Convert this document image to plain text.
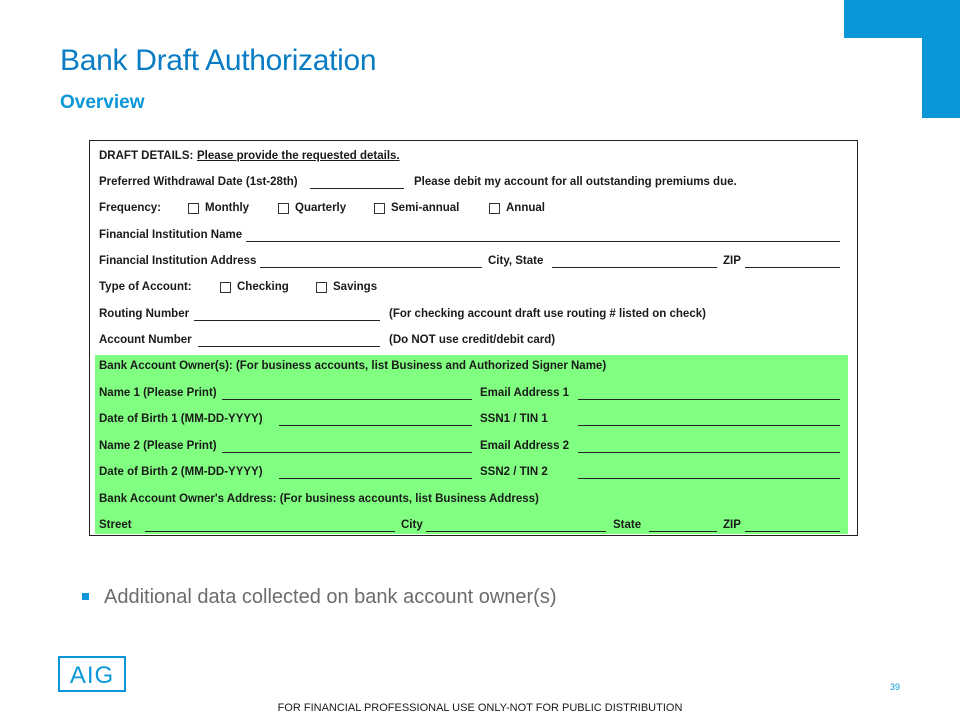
Bank Draft Authorization
Overview
DRAFT DETAILS: Please provide the requested details.
Preferred Withdrawal Date (1st-28th)	Please debit my account for all outstanding premiums due.
Frequency:	Monthly	Quarterly	Semi-annual	Annual
Financial Institution Name
Financial Institution Address	City, State	ZIP
Type of Account:	Checking	Savings
Routing Number	(For checking account draft use routing # listed on check)
Account Number	(Do NOT use credit/debit card)
Bank Account Owner(s): (For business accounts, list Business and Authorized Signer Name)
Name 1 (Please Print)	Email Address 1
Date of Birth 1 (MM-DD-YYYY)	SSN1 / TIN 1
Name 2 (Please Print)	Email Address 2
Date of Birth 2 (MM-DD-YYYY)	SSN2 / TIN 2
Bank Account Owner's Address: (For business accounts, list Business Address)
Street	City	State	ZIP
Additional data collected on bank account owner(s)
AIG	39
FOR FINANCIAL PROFESSIONAL USE ONLY-NOT FOR PUBLIC DISTRIBUTION
